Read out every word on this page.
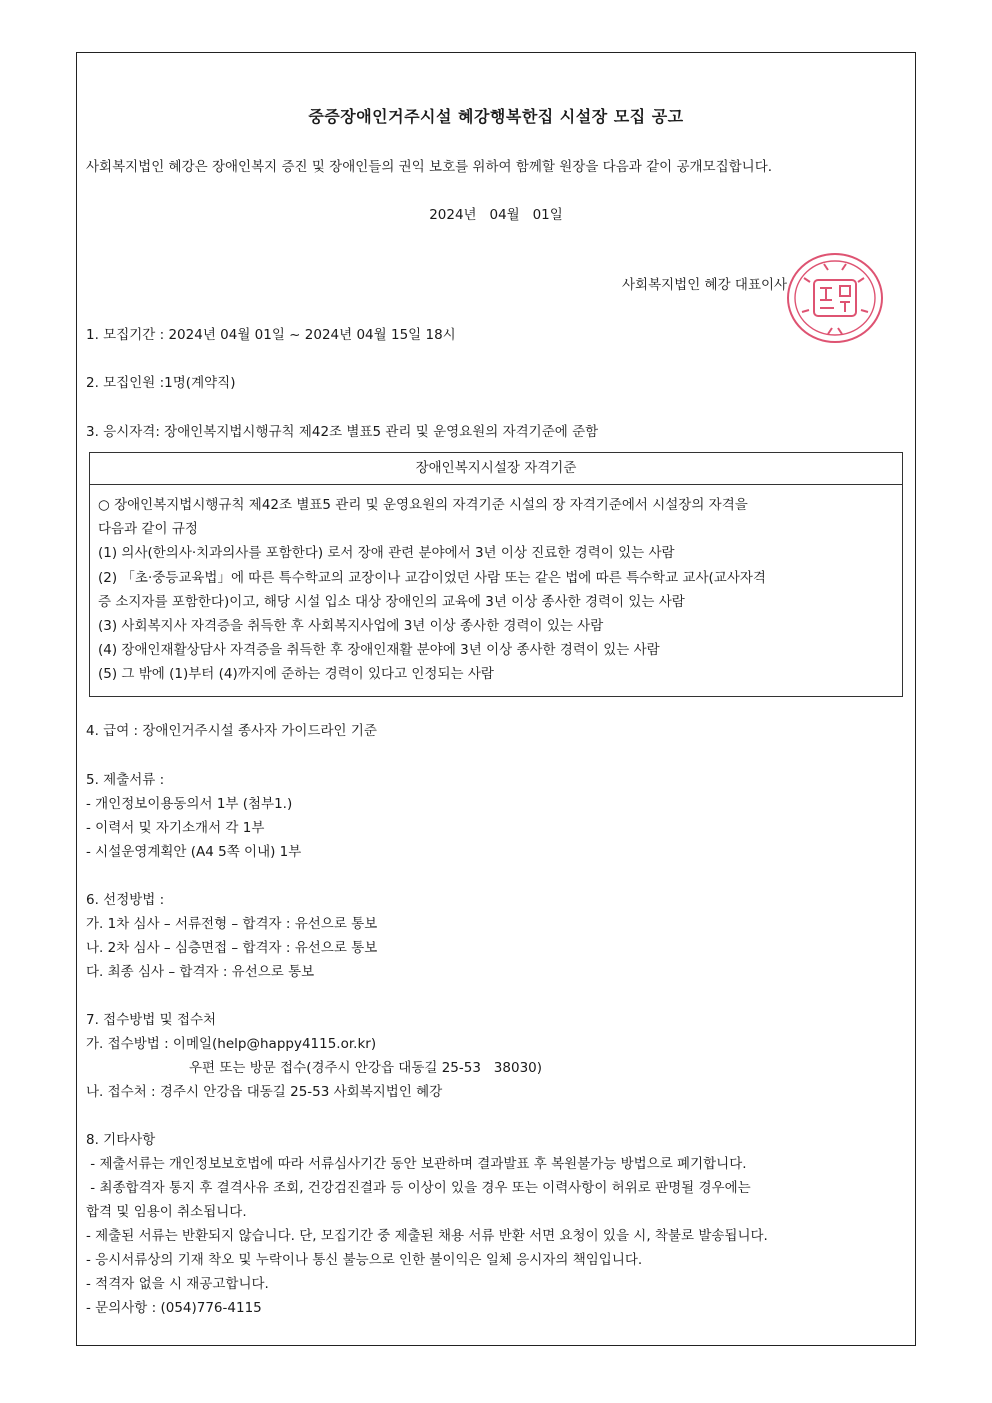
중증장애인거주시설 혜강행복한집 시설장 모집 공고
사회복지법인 혜강은 장애인복지 증진 및 장애인들의 권익 보호를 위하여 함께할 원장을 다음과 같이 공개모집합니다.
2024년   04월   01일
사회복지법인 혜강 대표이사
1. 모집기간 : 2024년 04월 01일 ~ 2024년 04월 15일 18시
2. 모집인원 :1명(계약직)
3. 응시자격: 장애인복지법시행규칙 제42조 별표5 관리 및 운영요원의 자격기준에 준함
장애인복지시설장 자격기준
○ 장애인복지법시행규칙 제42조 별표5 관리 및 운영요원의 자격기준 시설의 장 자격기준에서 시설장의 자격을
다음과 같이 규정
(1) 의사(한의사·치과의사를 포함한다) 로서 장애 관련 분야에서 3년 이상 진료한 경력이 있는 사람
(2) 「초·중등교육법」에 따른 특수학교의 교장이나 교감이었던 사람 또는 같은 법에 따른 특수학교 교사(교사자격
증 소지자를 포함한다)이고, 해당 시설 입소 대상 장애인의 교육에 3년 이상 종사한 경력이 있는 사람
(3) 사회복지사 자격증을 취득한 후 사회복지사업에 3년 이상 종사한 경력이 있는 사람
(4) 장애인재활상담사 자격증을 취득한 후 장애인재활 분야에 3년 이상 종사한 경력이 있는 사람
(5) 그 밖에 (1)부터 (4)까지에 준하는 경력이 있다고 인정되는 사람
4. 급여 : 장애인거주시설 종사자 가이드라인 기준
5. 제출서류 :
- 개인정보이용동의서 1부 (첨부1.)
- 이력서 및 자기소개서 각 1부
- 시설운영계획안 (A4 5쪽 이내) 1부
6. 선정방법 :
가. 1차 심사 – 서류전형 – 합격자 : 유선으로 통보
나. 2차 심사 – 심층면접 – 합격자 : 유선으로 통보
다. 최종 심사 – 합격자 : 유선으로 통보
7. 접수방법 및 접수처
가. 접수방법 : 이메일(help@happy4115.or.kr)
우편 또는 방문 접수(경주시 안강읍 대동길 25-53   38030)
나. 접수처 : 경주시 안강읍 대동길 25-53 사회복지법인 혜강
8. 기타사항
- 제출서류는 개인정보보호법에 따라 서류심사기간 동안 보관하며 결과발표 후 복원불가능 방법으로 폐기합니다.
- 최종합격자 통지 후 결격사유 조회, 건강검진결과 등 이상이 있을 경우 또는 이력사항이 허위로 판명될 경우에는
합격 및 임용이 취소됩니다.
- 제출된 서류는 반환되지 않습니다. 단, 모집기간 중 제출된 채용 서류 반환 서면 요청이 있을 시, 착불로 발송됩니다.
- 응시서류상의 기재 착오 및 누락이나 통신 불능으로 인한 불이익은 일체 응시자의 책임입니다.
- 적격자 없을 시 재공고합니다.
- 문의사항 : (054)776-4115
